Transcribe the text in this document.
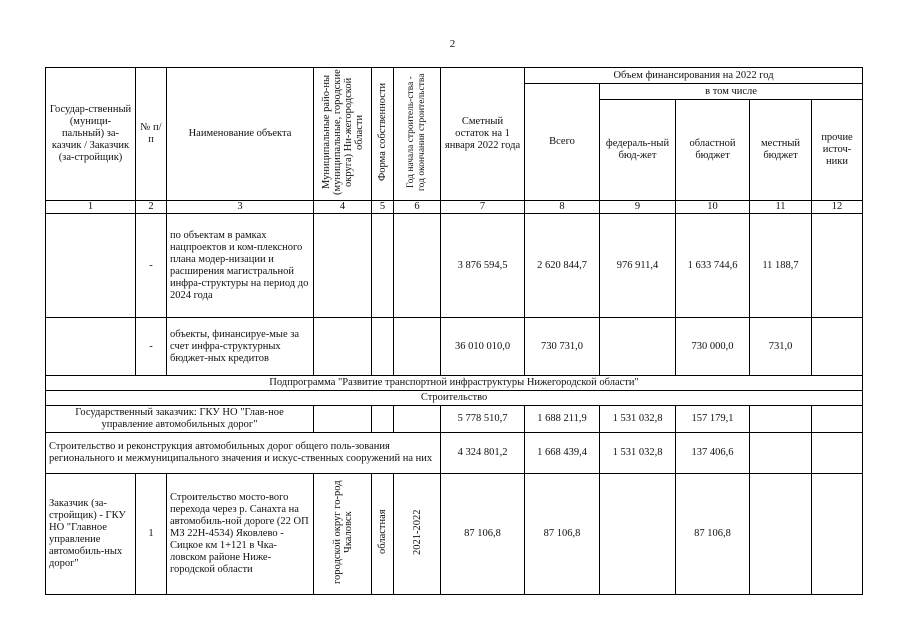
2
Государ-ственный (муници-пальный) за-казчик / Заказчик (за-стройщик)	№ п/п	Наименование объекта	Муниципальные райо-ны (муниципальные, городские округа) Ни-жегородской области	Форма собственности	Год начала строитель-ства - год окончания строительства	Сметный остаток на 1 января 2022 года	Объем финансирования на 2022 год				
							Всего	в том числе			
								федераль-ный бюд-жет	областной бюджет	местный бюджет	прочие источ-ники
1	2	3	4	5	6	7	8	9	10	11	12
	-	по объектам в рамках нацпроектов и ком-плексного плана модер-низации и расширения магистральной инфра-структуры на период до 2024 года				3 876 594,5	2 620 844,7	976 911,4	1 633 744,6	11 188,7	
	-	объекты, финансируе-мые за счет инфра-структурных бюджет-ных кредитов				36 010 010,0	730 731,0		730 000,0	731,0	
Подпрограмма "Развитие транспортной инфраструктуры Нижегородской области"											
Строительство											
Государственный заказчик: ГКУ НО "Глав-ное управление автомобильных дорог"						5 778 510,7	1 688 211,9	1 531 032,8	157 179,1		
Строительство и реконструкция автомобильных дорог общего поль-зования регионального и межмуниципального значения и искус-ственных сооружений на них						4 324 801,2	1 668 439,4	1 531 032,8	137 406,6		
Заказчик (за-стройщик) - ГКУ НО "Главное управление автомобиль-ных дорог"	1	Строительство мосто-вого перехода через р. Санахта на автомобиль-ной дороге (22 ОП МЗ 22Н-4534) Яковлево - Сицкое км 1+121 в Чка-ловском районе Ниже-городской области	городской округ го-род Чкаловск	областная	2021-2022	87 106,8	87 106,8		87 106,8		
